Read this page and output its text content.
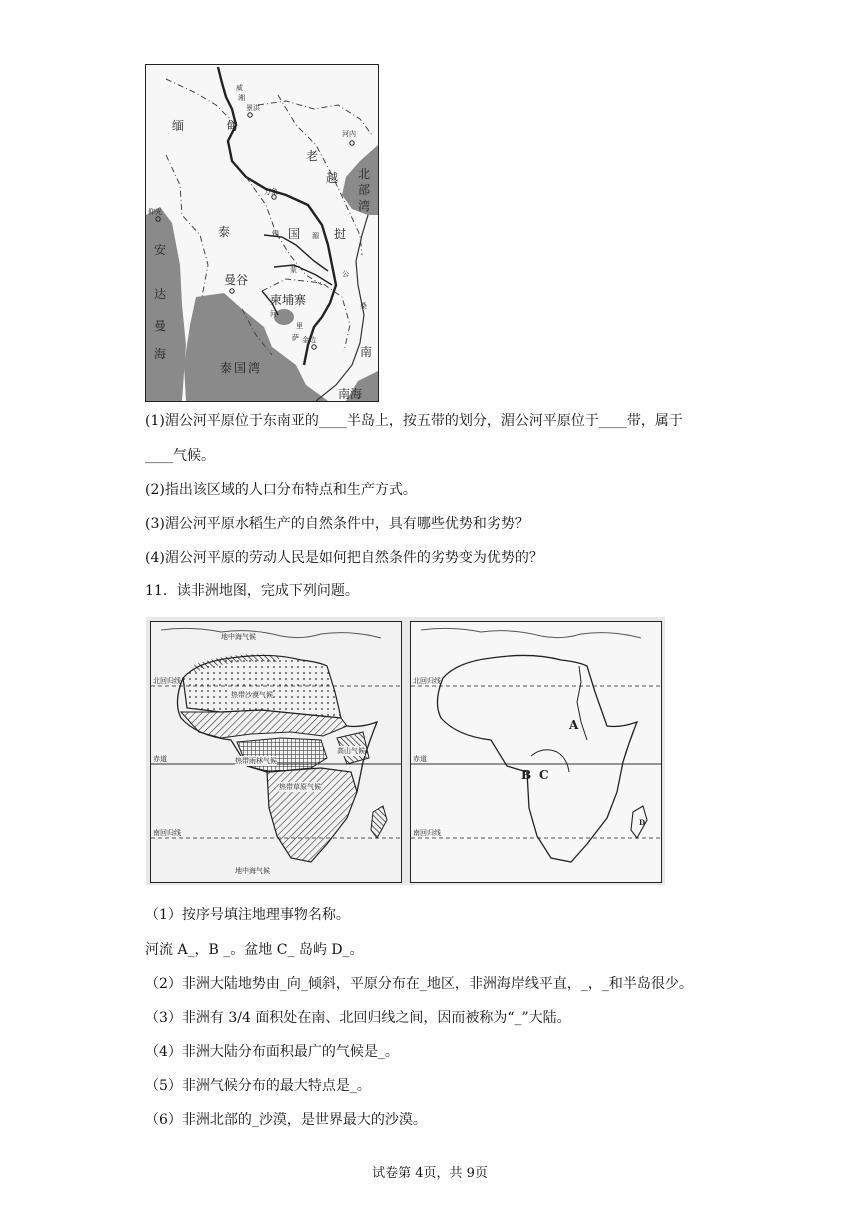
缅	甸
老
越
泰	国	挝
河内
万象
仰光
曼谷
柬埔寨
金边
安
达
曼
海
北
部
湾
泰国湾
南海
南
景洪
威
湘
湄
锡
蒙	公
里
萨
桑
河
(1)湄公河平原位于东南亚的____半岛上，按五带的划分，湄公河平原位于____带，属于
____气候。
(2)指出该区域的人口分布特点和生产方式。
(3)湄公河平原水稻生产的自然条件中，具有哪些优势和劣势？
(4)湄公河平原的劳动人民是如何把自然条件的劣势变为优势的？
11．读非洲地图，完成下列问题。
地中海气候
北回归线
热带沙漠气候
赤道	热带雨林气候
高山气候
热带草原气候
南回归线
地中海气候
北回归线
赤道
南回归线
A
B C
D
（1）按序号填注地理事物名称。
河流 A_，B _。盆地 C_ 岛屿 D_。
（2）非洲大陆地势由_向_倾斜，平原分布在_地区，非洲海岸线平直，_，_和半岛很少。
（3）非洲有 3/4 面积处在南、北回归线之间，因而被称为“_”大陆。
（4）非洲大陆分布面积最广的气候是_。
（5）非洲气候分布的最大特点是_。
（6）非洲北部的_沙漠，是世界最大的沙漠。
试卷第 4页，共 9页
